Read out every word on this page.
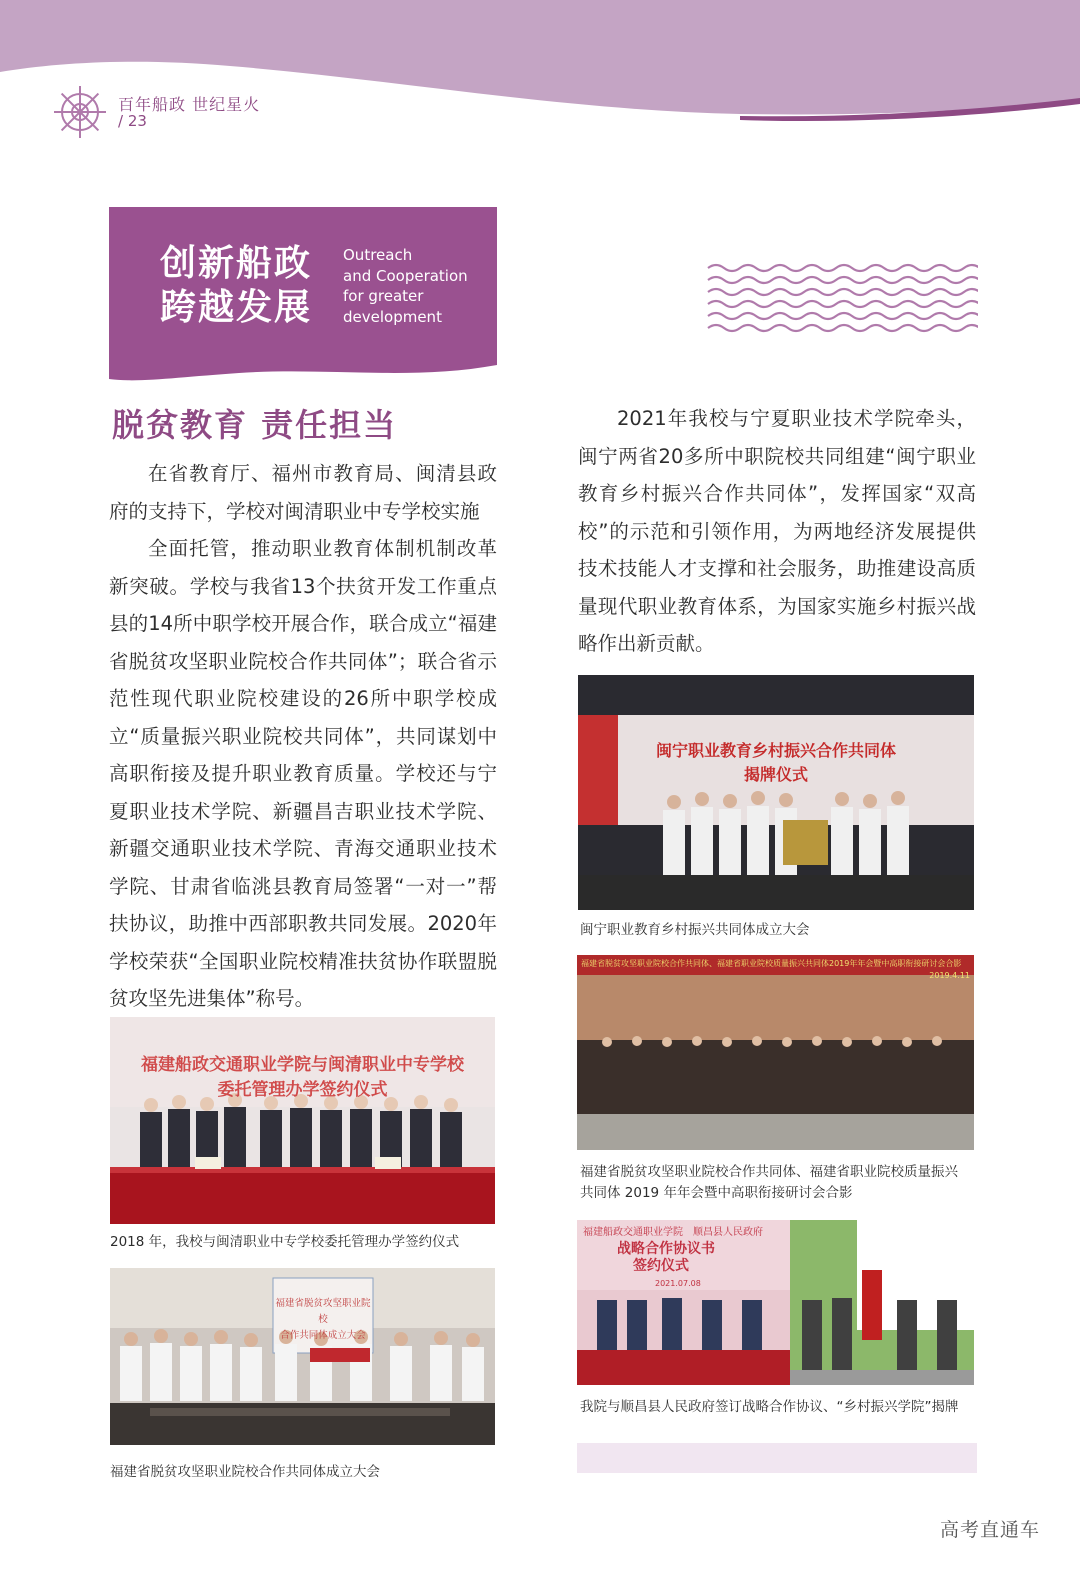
百年船政 世纪星火
/ 23
创新船政
跨越发展
Outreach
and Cooperation
for greater
development
脱贫教育 责任担当

在省教育厅、福州市教育局、闽清县政府的支持下，学校对闽清职业中专学校实施

全面托管，推动职业教育体制机制改革新突破。学校与我省13个扶贫开发工作重点县的14所中职学校开展合作，联合成立“福建省脱贫攻坚职业院校合作共同体”；联合省示范性现代职业院校建设的26所中职学校成立“质量振兴职业院校共同体”，共同谋划中高职衔接及提升职业教育质量。学校还与宁夏职业技术学院、新疆昌吉职业技术学院、新疆交通职业技术学院、青海交通职业技术学院、甘肃省临洮县教育局签署“一对一”帮扶协议，助推中西部职教共同发展。2020年学校荣获“全国职业院校精准扶贫协作联盟脱贫攻坚先进集体”称号。

2021年我校与宁夏职业技术学院牵头，闽宁两省20多所中职院校共同组建“闽宁职业教育乡村振兴合作共同体”，发挥国家“双高校”的示范和引领作用，为两地经济发展提供技术技能人才支撑和社会服务，助推建设高质量现代职业教育体系，为国家实施乡村振兴战略作出新贡献。

福建船政交通职业学院与闽清职业中专学校
委托管理办学签约仪式
2018 年，我校与闽清职业中专学校委托管理办学签约仪式
福建省脱贫攻坚职业院校
合作共同体成立大会
福建省脱贫攻坚职业院校合作共同体成立大会
闽宁职业教育乡村振兴合作共同体
揭牌仪式
闽宁职业教育乡村振兴共同体成立大会
福建省脱贫攻坚职业院校合作共同体、福建省职业院校质量振兴共同体2019年年会暨中高职衔接研讨会合影
2019.4.11
福建省脱贫攻坚职业院校合作共同体、福建省职业院校质量振兴
共同体 2019 年年会暨中高职衔接研讨会合影
福建船政交通职业学院　顺昌县人民政府
战略合作协议书
签约仪式
2021.07.08
我院与顺昌县人民政府签订战略合作协议、“乡村振兴学院”揭牌
高考直通车
